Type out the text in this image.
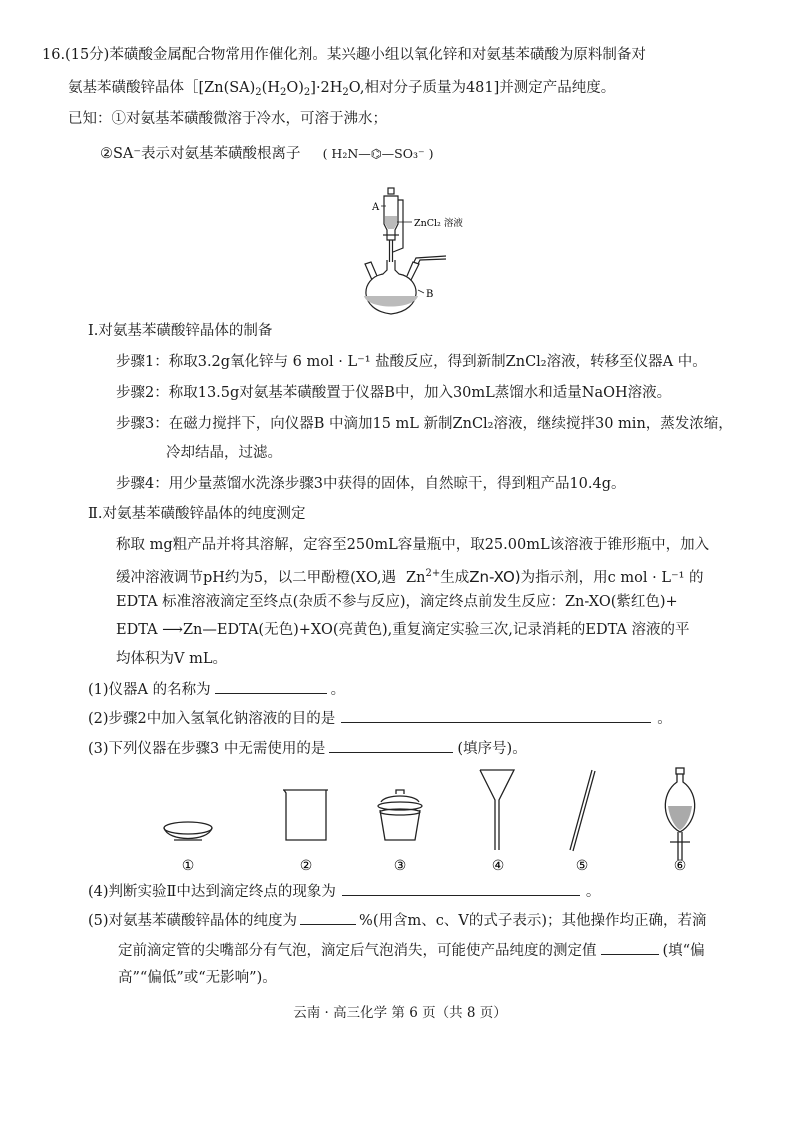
16.(15分)苯磺酸金属配合物常用作催化剂。某兴趣小组以氧化锌和对氨基苯磺酸为原料制备对
氨基苯磺酸锌晶体$[[Zn(SA)_2(H_2O)_2]\cdot 2H_2O$,相对分子质量为481]并测定产品纯度。
已知：①对氨基苯磺酸微溶于冷水，可溶于沸水；
②SA⁻表示对氨基苯磺酸根离子 ( H₂N—⌬—SO₃⁻ )
A
ZnCl₂ 溶液
B
Ⅰ.对氨基苯磺酸锌晶体的制备
步骤1：称取3.2g氧化锌与 6 mol · L⁻¹ 盐酸反应，得到新制ZnCl₂溶液，转移至仪器A 中。
步骤2：称取13.5g对氨基苯磺酸置于仪器B中，加入30mL蒸馏水和适量NaOH溶液。
步骤3：在磁力搅拌下，向仪器B 中滴加15 mL 新制ZnCl₂溶液，继续搅拌30 min，蒸发浓缩，
冷却结晶，过滤。
步骤4：用少量蒸馏水洗涤步骤3中获得的固体，自然晾干，得到粗产品10.4g。
Ⅱ.对氨基苯磺酸锌晶体的纯度测定
称取 mg粗产品并将其溶解，定容至250mL容量瓶中，取25.00mL该溶液于锥形瓶中，加入
缓冲溶液调节pH约为5，以二甲酚橙(XO,遇 $Zn^{2+}$生成Zn-XO)为指示剂，用c mol · L⁻¹ 的
EDTA 标准溶液滴定至终点(杂质不参与反应)，滴定终点前发生反应：Zn-XO(紫红色)+
EDTA ⟶Zn—EDTA(无色)+XO(亮黄色),重复滴定实验三次,记录消耗的EDTA 溶液的平
均体积为V mL。
(1)仪器A 的名称为	。
(2)步骤2中加入氢氧化钠溶液的目的是	。
(3)下列仪器在步骤3 中无需使用的是	(填序号)。
①	②	③	④	⑤	⑥
(4)判断实验Ⅱ中达到滴定终点的现象为	。
(5)对氨基苯磺酸锌晶体的纯度为	%(用含m、c、V的式子表示)；其他操作均正确，若滴
定前滴定管的尖嘴部分有气泡，滴定后气泡消失，可能使产品纯度的测定值	(填“偏
高”“偏低”或“无影响”)。
云南 · 高三化学 第 6 页（共 8 页）
